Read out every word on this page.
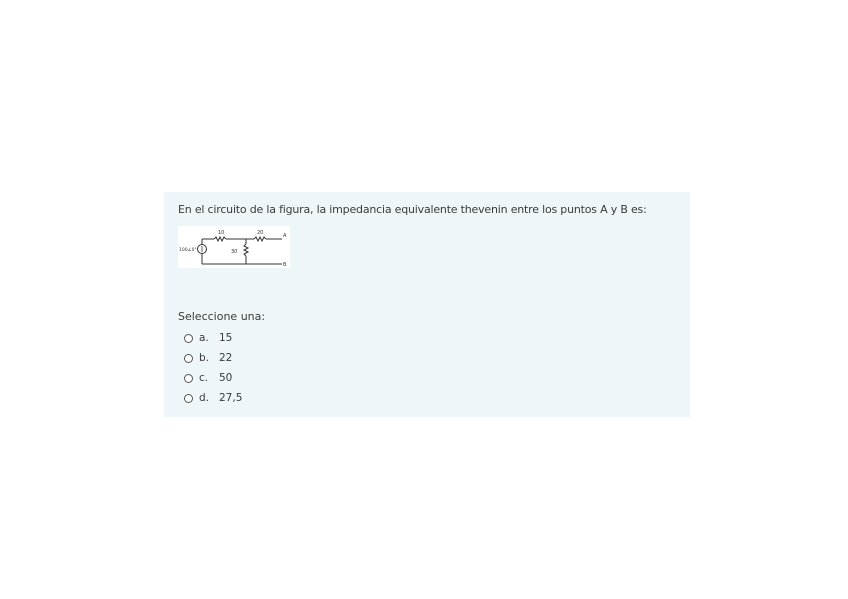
En el circuito de la figura, la impedancia equivalente thevenin entre los puntos A y B es:
10	20
30
100∠0°
A
B
Seleccione una:
a. 15
b. 22
c.	50
d. 27,5
